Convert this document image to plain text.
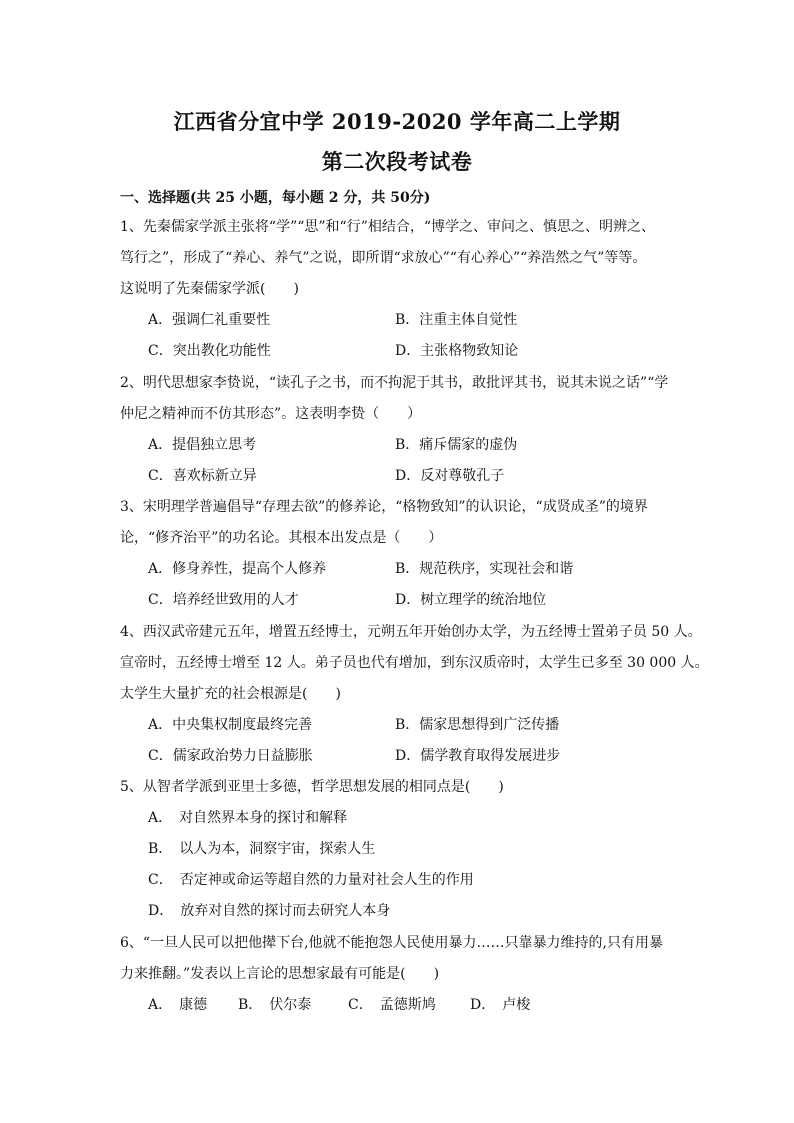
江西省分宜中学 2019-2020 学年高二上学期
第二次段考试卷
一、选择题(共 25 小题，每小题 2 分，共 50分)
1、先秦儒家学派主张将“学”“思”和“行”相结合，“博学之、审问之、慎思之、明辨之、
笃行之”，形成了“养心、养气”之说，即所谓“求放心”“有心养心”“养浩然之气”等等。
这说明了先秦儒家学派(　　)
A．强调仁礼重要性	B．注重主体自觉性
C．突出教化功能性	D．主张格物致知论
2、明代思想家李贽说，“读孔子之书，而不拘泥于其书，敢批评其书，说其未说之话”“学
仲尼之精神而不仿其形态”。这表明李贽（　　）
A．提倡独立思考	B．痛斥儒家的虚伪
C．喜欢标新立异	D．反对尊敬孔子
3、宋明理学普遍倡导“存理去欲”的修养论，“格物致知”的认识论，“成贤成圣”的境界
论，“修齐治平”的功名论。其根本出发点是（　　）
A．修身养性，提高个人修养	B．规范秩序，实现社会和谐
C．培养经世致用的人才	D．树立理学的统治地位
4、西汉武帝建元五年，增置五经博士，元朔五年开始创办太学，为五经博士置弟子员 50 人。
宣帝时，五经博士增至 12 人。弟子员也代有增加，到东汉质帝时，太学生已多至 30 000 人。
太学生大量扩充的社会根源是(　　)
A．中央集权制度最终完善	B．儒家思想得到广泛传播
C．儒家政治势力日益膨胀	D．儒学教育取得发展进步
5、从智者学派到亚里士多德，哲学思想发展的相同点是(　　)
A．　对自然界本身的探讨和解释
B．　以人为本，洞察宇宙，探索人生
C．　否定神或命运等超自然的力量对社会人生的作用
D．　放弃对自然的探讨而去研究人本身
6、“一旦人民可以把他撵下台,他就不能抱怨人民使用暴力……只靠暴力维持的,只有用暴
力来推翻。”发表以上言论的思想家最有可能是(　　)
A．　康德 B．　伏尔泰	C．　孟德斯鸠 D．　卢梭
